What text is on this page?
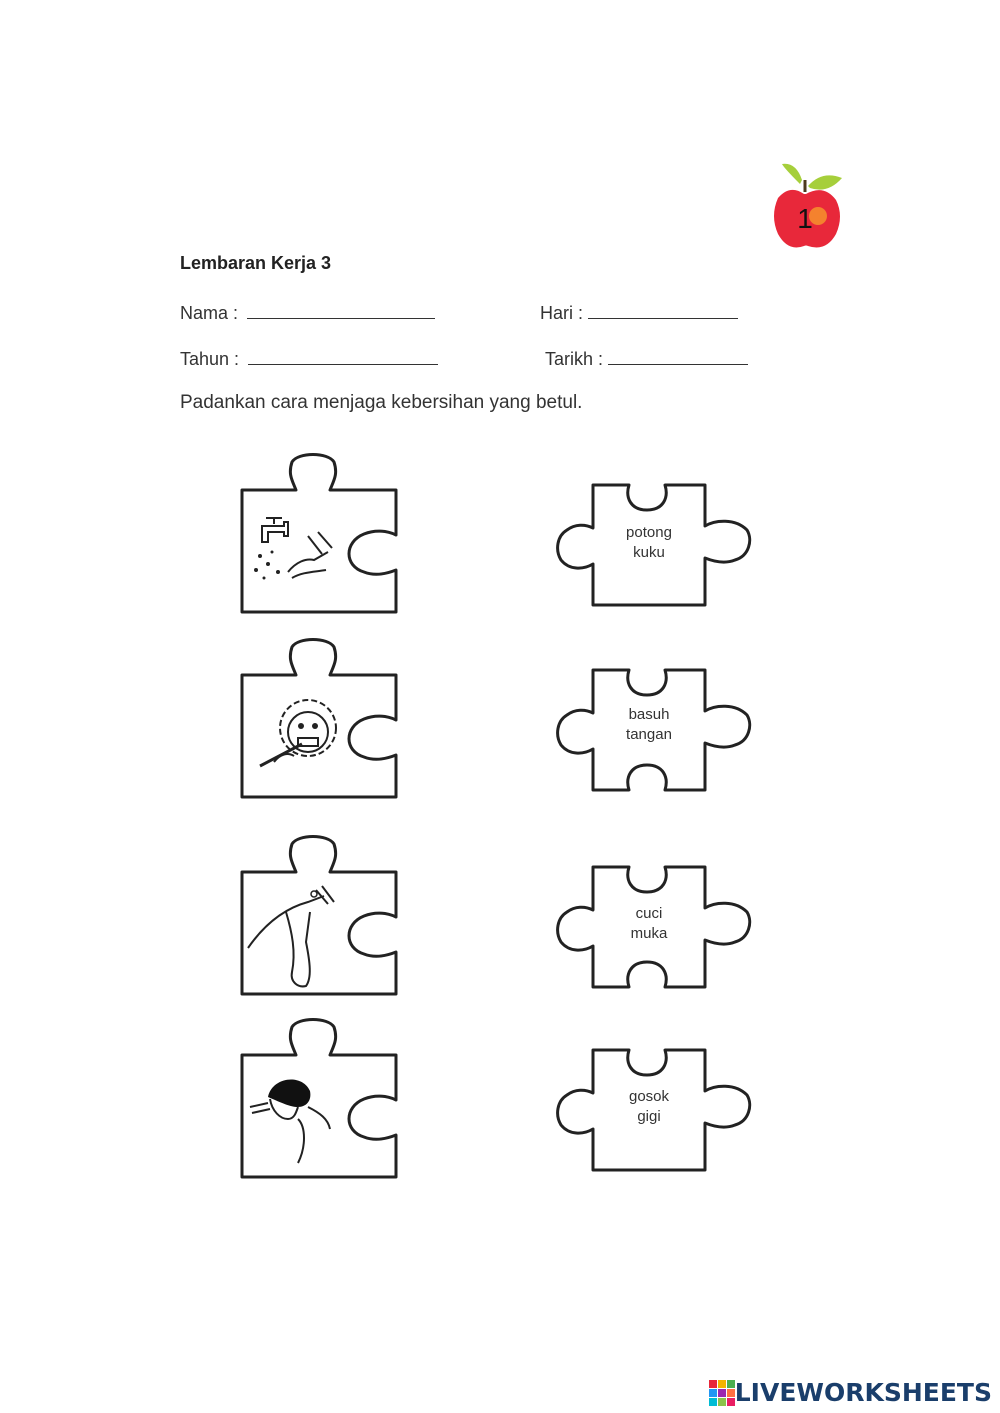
1
Lembaran Kerja 3
Nama :	Hari :
Tahun :	Tarikh :
Padankan cara menjaga kebersihan yang betul.
potong
kuku
basuh
tangan
cuci
muka
gosok
gigi
LIVEWORKSHEETS
